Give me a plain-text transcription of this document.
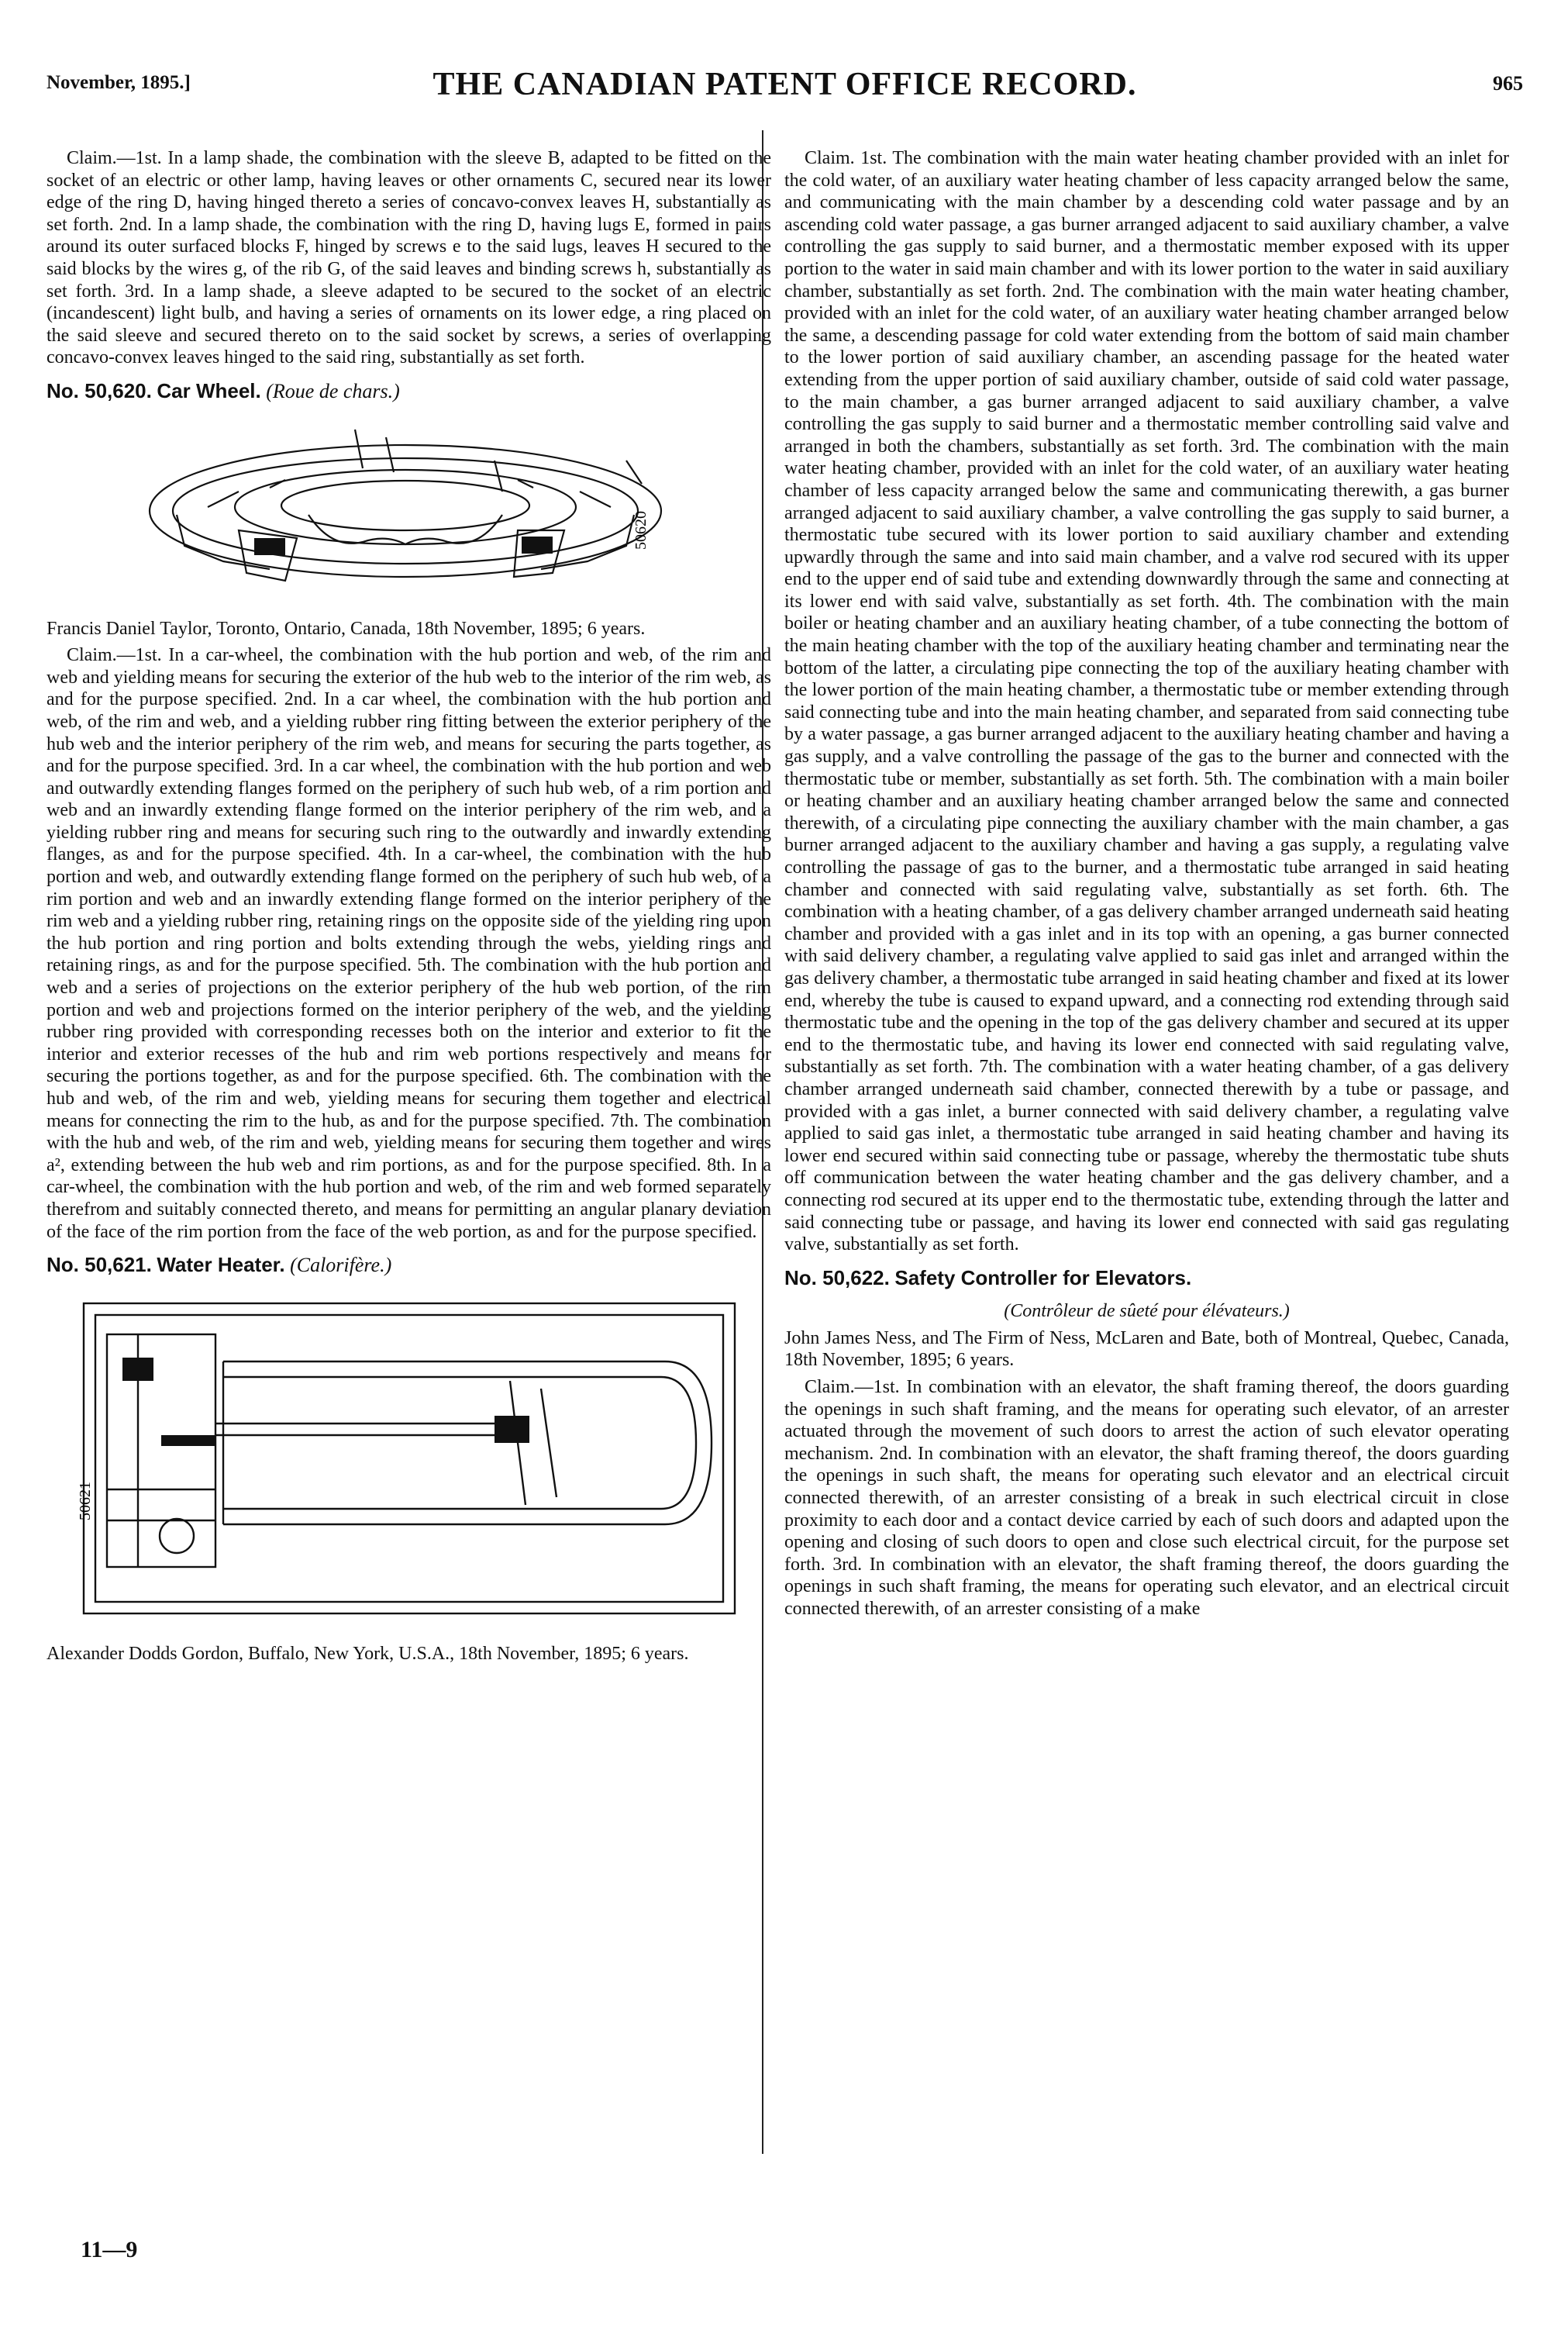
November, 1895.]	THE CANADIAN PATENT OFFICE RECORD.	965

Claim.—1st. In a lamp shade, the combination with the sleeve B, adapted to be fitted on the socket of an electric or other lamp, having leaves or other ornaments C, secured near its lower edge of the ring D, having hinged thereto a series of concavo-convex leaves H, substantially as set forth. 2nd. In a lamp shade, the combination with the ring D, having lugs E, formed in pairs around its outer surfaced blocks F, hinged by screws e to the said lugs, leaves H secured to the said blocks by the wires g, of the rib G, of the said leaves and binding screws h, substantially as set forth. 3rd. In a lamp shade, a sleeve adapted to be secured to the socket of an electric (incandescent) light bulb, and having a series of ornaments on its lower edge, a ring placed on the said sleeve and secured thereto on to the said socket by screws, a series of overlapping concavo-convex leaves hinged to the said ring, substantially as set forth.

No. 50,620. Car Wheel. (Roue de chars.)
50620

Francis Daniel Taylor, Toronto, Ontario, Canada, 18th November, 1895; 6 years.

Claim.—1st. In a car-wheel, the combination with the hub portion and web, of the rim and web and yielding means for securing the exterior of the hub web to the interior of the rim web, as and for the purpose specified. 2nd. In a car wheel, the combination with the hub portion and web, of the rim and web, and a yielding rubber ring fitting between the exterior periphery of the hub web and the interior periphery of the rim web, and means for securing the parts together, as and for the purpose specified. 3rd. In a car wheel, the combination with the hub portion and web and outwardly extending flanges formed on the periphery of such hub web, of a rim portion and web and an inwardly extending flange formed on the interior periphery of the rim web, and a yielding rubber ring and means for securing such ring to the outwardly and inwardly extending flanges, as and for the purpose specified. 4th. In a car-wheel, the combination with the hub portion and web, and outwardly extending flange formed on the periphery of such hub web, of a rim portion and web and an inwardly extending flange formed on the interior periphery of the rim web and a yielding rubber ring, retaining rings on the opposite side of the yielding ring upon the hub portion and ring portion and bolts extending through the webs, yielding rings and retaining rings, as and for the purpose specified. 5th. The combination with the hub portion and web and a series of projections on the exterior periphery of the hub web portion, of the rim portion and web and projections formed on the interior periphery of the web, and the yielding rubber ring provided with corresponding recesses both on the interior and exterior to fit the interior and exterior recesses of the hub and rim web portions respectively and means for securing the portions together, as and for the purpose specified. 6th. The combination with the hub and web, of the rim and web, yielding means for securing them together and electrical means for connecting the rim to the hub, as and for the purpose specified. 7th. The combination with the hub and web, of the rim and web, yielding means for securing them together and wires a², extending between the hub web and rim portions, as and for the purpose specified. 8th. In a car-wheel, the combination with the hub portion and web, of the rim and web formed separately therefrom and suitably connected thereto, and means for permitting an angular planary deviation of the face of the rim portion from the face of the web portion, as and for the purpose specified.

No. 50,621. Water Heater. (Calorifère.)
50621

Alexander Dodds Gordon, Buffalo, New York, U.S.A., 18th November, 1895; 6 years.

Claim. 1st. The combination with the main water heating chamber provided with an inlet for the cold water, of an auxiliary water heating chamber of less capacity arranged below the same, and communicating with the main chamber by a descending cold water passage and by an ascending cold water passage, a gas burner arranged adjacent to said auxiliary chamber, a valve controlling the gas supply to said burner, and a thermostatic member exposed with its upper portion to the water in said main chamber and with its lower portion to the water in said auxiliary chamber, substantially as set forth. 2nd. The combination with the main water heating chamber, provided with an inlet for the cold water, of an auxiliary water heating chamber arranged below the same, a descending passage for cold water extending from the bottom of said main chamber to the lower portion of said auxiliary chamber, an ascending passage for the heated water extending from the upper portion of said auxiliary chamber, outside of said cold water passage, to the main chamber, a gas burner arranged adjacent to said auxiliary chamber, a valve controlling the gas supply to said burner and a thermostatic member controlling said valve and arranged in both the chambers, substantially as set forth. 3rd. The combination with the main water heating chamber, provided with an inlet for the cold water, of an auxiliary water heating chamber of less capacity arranged below the same and communicating therewith, a gas burner arranged adjacent to said auxiliary chamber, a valve controlling the gas supply to said burner, a thermostatic tube secured with its lower portion to said auxiliary chamber and extending upwardly through the same and into said main chamber, and a valve rod secured with its upper end to the upper end of said tube and extending downwardly through the same and connecting at its lower end with said valve, substantially as set forth. 4th. The combination with the main boiler or heating chamber and an auxiliary heating chamber, of a tube connecting the bottom of the main heating chamber with the top of the auxiliary heating chamber and terminating near the bottom of the latter, a circulating pipe connecting the top of the auxiliary heating chamber with the lower portion of the main heating chamber, a thermostatic tube or member extending through said connecting tube and into the main heating chamber, and separated from said connecting tube by a water passage, a gas burner arranged adjacent to the auxiliary heating chamber and having a gas supply, and a valve controlling the passage of the gas to the burner and connected with the thermostatic tube or member, substantially as set forth. 5th. The combination with a main boiler or heating chamber and an auxiliary heating chamber arranged below the same and connected therewith, of a circulating pipe connecting the auxiliary chamber with the main chamber, a gas burner arranged adjacent to the auxiliary chamber and having a gas supply, a regulating valve controlling the passage of gas to the burner, and a thermostatic tube arranged in said heating chamber and connected with said regulating valve, substantially as set forth. 6th. The combination with a heating chamber, of a gas delivery chamber arranged underneath said heating chamber and provided with a gas inlet and in its top with an opening, a gas burner connected with said delivery chamber, a regulating valve applied to said gas inlet and arranged within the gas delivery chamber, a thermostatic tube arranged in said heating chamber and fixed at its lower end, whereby the tube is caused to expand upward, and a connecting rod extending through said thermostatic tube and the opening in the top of the gas delivery chamber and secured at its upper end to the thermostatic tube, and having its lower end connected with said regulating valve, substantially as set forth. 7th. The combination with a water heating chamber, of a gas delivery chamber arranged underneath said chamber, connected therewith by a tube or passage, and provided with a gas inlet, a burner connected with said delivery chamber, a regulating valve applied to said gas inlet, a thermostatic tube arranged in said heating chamber and having its lower end secured within said connecting tube or passage, whereby the thermostatic tube shuts off communication between the water heating chamber and the gas delivery chamber, and a connecting rod secured at its upper end to the thermostatic tube, extending through the latter and said connecting tube or passage, and having its lower end connected with said gas regulating valve, substantially as set forth.

No. 50,622. Safety Controller for Elevators.

(Contrôleur de sûeté pour élévateurs.)

John James Ness, and The Firm of Ness, McLaren and Bate, both of Montreal, Quebec, Canada, 18th November, 1895; 6 years.

Claim.—1st. In combination with an elevator, the shaft framing thereof, the doors guarding the openings in such shaft framing, and the means for operating such elevator, of an arrester actuated through the movement of such doors to arrest the action of such elevator operating mechanism. 2nd. In combination with an elevator, the shaft framing thereof, the doors guarding the openings in such shaft, the means for operating such elevator and an electrical circuit connected therewith, of an arrester consisting of a break in such electrical circuit in close proximity to each door and a contact device carried by each of such doors and adapted upon the opening and closing of such doors to open and close such electrical circuit, for the purpose set forth. 3rd. In combination with an elevator, the shaft framing thereof, the doors guarding the openings in such shaft framing, the means for operating such elevator, and an electrical circuit connected therewith, of an arrester consisting of a make

11—9
